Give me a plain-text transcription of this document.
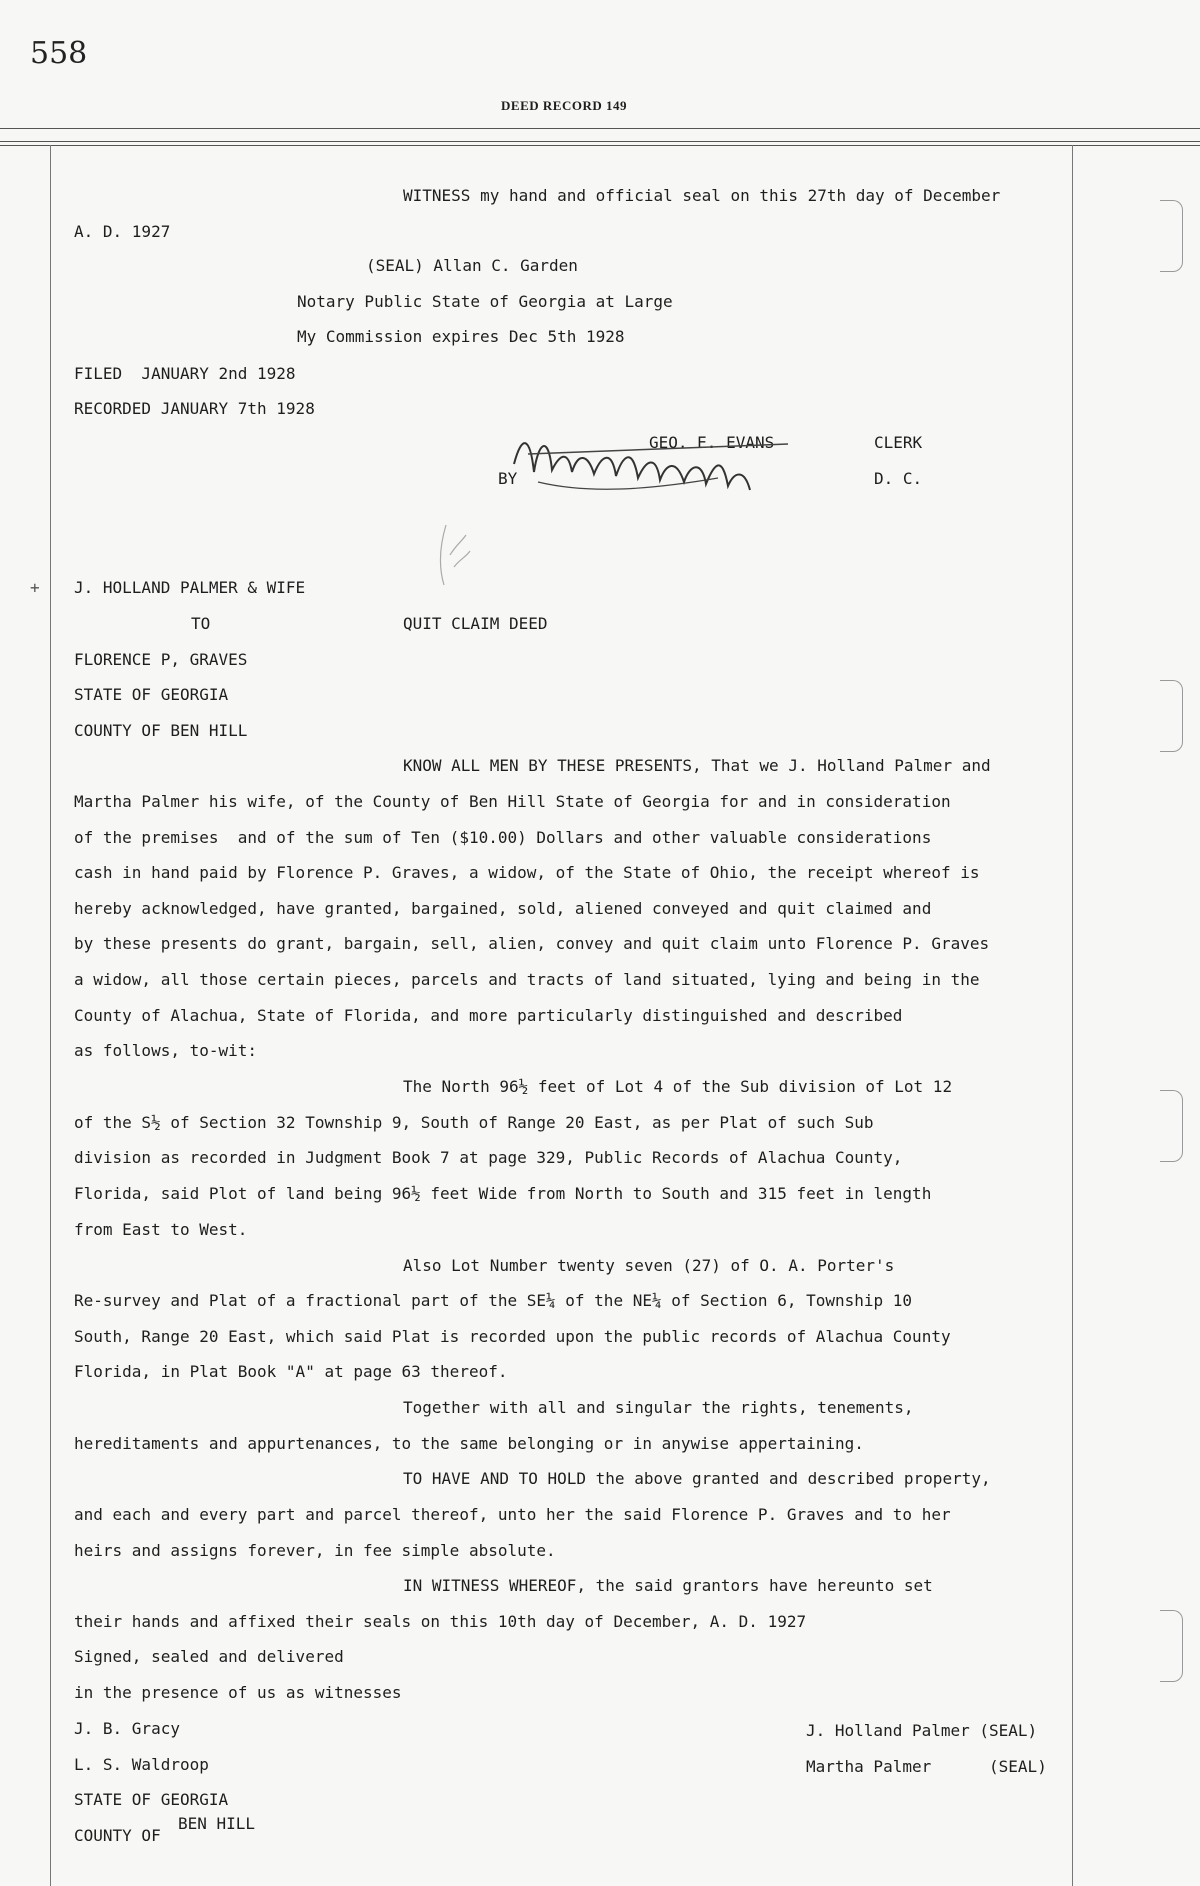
558
DEED RECORD 149
WITNESS my hand and official seal on this 27th day of December
A. D. 1927
(SEAL) Allan C. Garden
Notary Public State of Georgia at Large
My Commission expires Dec 5th 1928
FILED  JANUARY 2nd 1928
RECORDED JANUARY 7th 1928
GEO. E. EVANS	CLERK
BY	D. C.
+ J. HOLLAND PALMER & WIFE
TO	QUIT CLAIM DEED
FLORENCE P, GRAVES
STATE OF GEORGIA
COUNTY OF BEN HILL
KNOW ALL MEN BY THESE PRESENTS, That we J. Holland Palmer and
Martha Palmer his wife, of the County of Ben Hill State of Georgia for and in consideration
of the premises  and of the sum of Ten ($10.00) Dollars and other valuable considerations
cash in hand paid by Florence P. Graves, a widow, of the State of Ohio, the receipt whereof is
hereby acknowledged, have granted, bargained, sold, aliened conveyed and quit claimed and
by these presents do grant, bargain, sell, alien, convey and quit claim unto Florence P. Graves
a widow, all those certain pieces, parcels and tracts of land situated, lying and being in the
County of Alachua, State of Florida, and more particularly distinguished and described
as follows, to-wit:
The North 96½ feet of Lot 4 of the Sub division of Lot 12
of the S½ of Section 32 Township 9, South of Range 20 East, as per Plat of such Sub
division as recorded in Judgment Book 7 at page 329, Public Records of Alachua County,
Florida, said Plot of land being 96½ feet Wide from North to South and 315 feet in length
from East to West.
Also Lot Number twenty seven (27) of O. A. Porter's
Re-survey and Plat of a fractional part of the SE¼ of the NE¼ of Section 6, Township 10
South, Range 20 East, which said Plat is recorded upon the public records of Alachua County
Florida, in Plat Book "A" at page 63 thereof.
Together with all and singular the rights, tenements,
hereditaments and appurtenances, to the same belonging or in anywise appertaining.
TO HAVE AND TO HOLD the above granted and described property,
and each and every part and parcel thereof, unto her the said Florence P. Graves and to her
heirs and assigns forever, in fee simple absolute.
IN WITNESS WHEREOF, the said grantors have hereunto set
their hands and affixed their seals on this 10th day of December, A. D. 1927
Signed, sealed and delivered
in the presence of us as witnesses
J. B. Gracy	J. Holland Palmer (SEAL)
L. S. Waldroop	Martha Palmer      (SEAL)
STATE OF GEORGIA
COUNTY OF
BEN HILL
